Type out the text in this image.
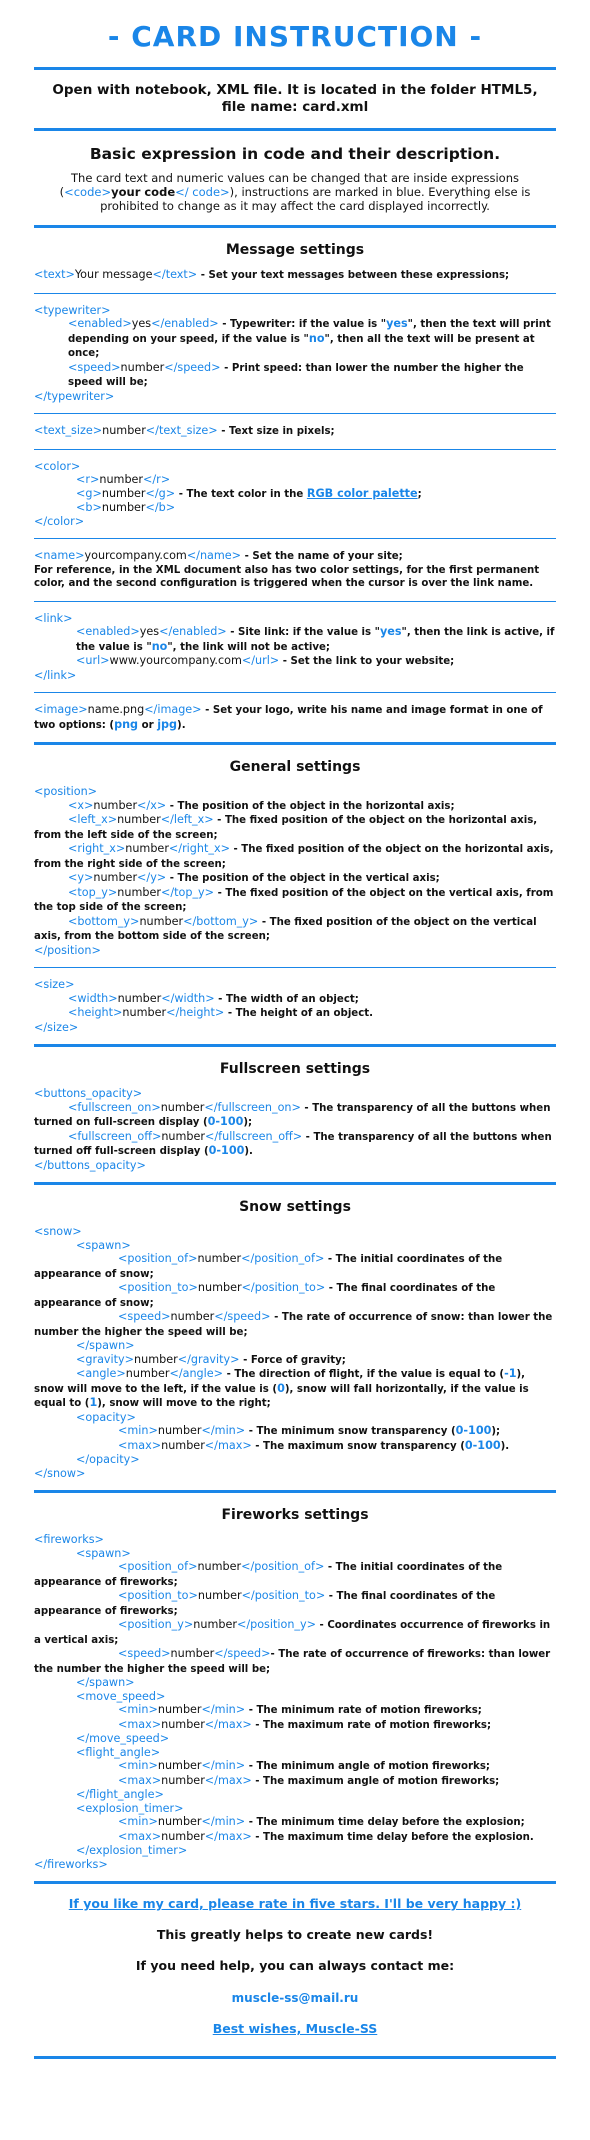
- CARD INSTRUCTION -
Open with notebook, XML file. It is located in the folder HTML5, file name: card.xml
Basic expression in code and their description.
The card text and numeric values can be changed that are inside expressions (<code>your code</ code>), instructions are marked in blue. Everything else is prohibited to change as it may affect the card displayed incorrectly.
Message settings
<text>Your message</text> - Set your text messages between these expressions;
<typewriter>
<enabled>yes</enabled> - Typewriter: if the value is "yes", then the text will print depending on your speed, if the value is "no", then all the text will be present at once;
<speed>number</speed> - Print speed: than lower the number the higher the speed will be;
</typewriter>
<text_size>number</text_size> - Text size in pixels;
<color>
<r>number</r>
<g>number</g> - The text color in the RGB color palette;
<b>number</b>
</color>
<name>yourcompany.com</name> - Set the name of your site;
For reference, in the XML document also has two color settings, for the first permanent color, and the second configuration is triggered when the cursor is over the link name.
<link>
<enabled>yes</enabled> - Site link: if the value is "yes", then the link is active, if the value is "no", the link will not be active;
<url>www.yourcompany.com</url> - Set the link to your website;
</link>
<image>name.png</image> - Set your logo, write his name and image format in one of two options: (png or jpg).
General settings
<position>
<x>number</x> - The position of the object in the horizontal axis;
<left_x>number</left_x> - The fixed position of the object on the horizontal axis, from the left side of the screen;
<right_x>number</right_x> - The fixed position of the object on the horizontal axis, from the right side of the screen;
<y>number</y> - The position of the object in the vertical axis;
<top_y>number</top_y> - The fixed position of the object on the vertical axis, from the top side of the screen;
<bottom_y>number</bottom_y> - The fixed position of the object on the vertical axis, from the bottom side of the screen;
</position>
<size>
<width>number</width> - The width of an object;
<height>number</height> - The height of an object.
</size>
Fullscreen settings
<buttons_opacity>
<fullscreen_on>number</fullscreen_on> - The transparency of all the buttons when turned on full-screen display (0-100);
<fullscreen_off>number</fullscreen_off> - The transparency of all the buttons when turned off full-screen display (0-100).
</buttons_opacity>
Snow settings
<snow>
<spawn>
<position_of>number</position_of> - The initial coordinates of the appearance of snow;
<position_to>number</position_to> - The final coordinates of the appearance of snow;
<speed>number</speed> - The rate of occurrence of snow: than lower the number the higher the speed will be;
</spawn>
<gravity>number</gravity> - Force of gravity;
<angle>number</angle> - The direction of flight, if the value is equal to (-1), snow will move to the left, if the value is (0), snow will fall horizontally, if the value is equal to (1), snow will move to the right;
<opacity>
<min>number</min> - The minimum snow transparency (0-100);
<max>number</max> - The maximum snow transparency (0-100).
</opacity>
</snow>
Fireworks settings
<fireworks>
<spawn>
<position_of>number</position_of> - The initial coordinates of the appearance of fireworks;
<position_to>number</position_to> - The final coordinates of the appearance of fireworks;
<position_y>number</position_y> - Coordinates occurrence of fireworks in a vertical axis;
<speed>number</speed>- The rate of occurrence of fireworks: than lower the number the higher the speed will be;
</spawn>
<move_speed>
<min>number</min> - The minimum rate of motion fireworks;
<max>number</max> - The maximum rate of motion fireworks;
</move_speed>
<flight_angle>
<min>number</min> - The minimum angle of motion fireworks;
<max>number</max> - The maximum angle of motion fireworks;
</flight_angle>
<explosion_timer>
<min>number</min> - The minimum time delay before the explosion;
<max>number</max> - The maximum time delay before the explosion.
</explosion_timer>
</fireworks>
If you like my card, please rate in five stars. I'll be very happy :)
This greatly helps to create new cards!
If you need help, you can always contact me:
muscle-ss@mail.ru
Best wishes, Muscle-SS
